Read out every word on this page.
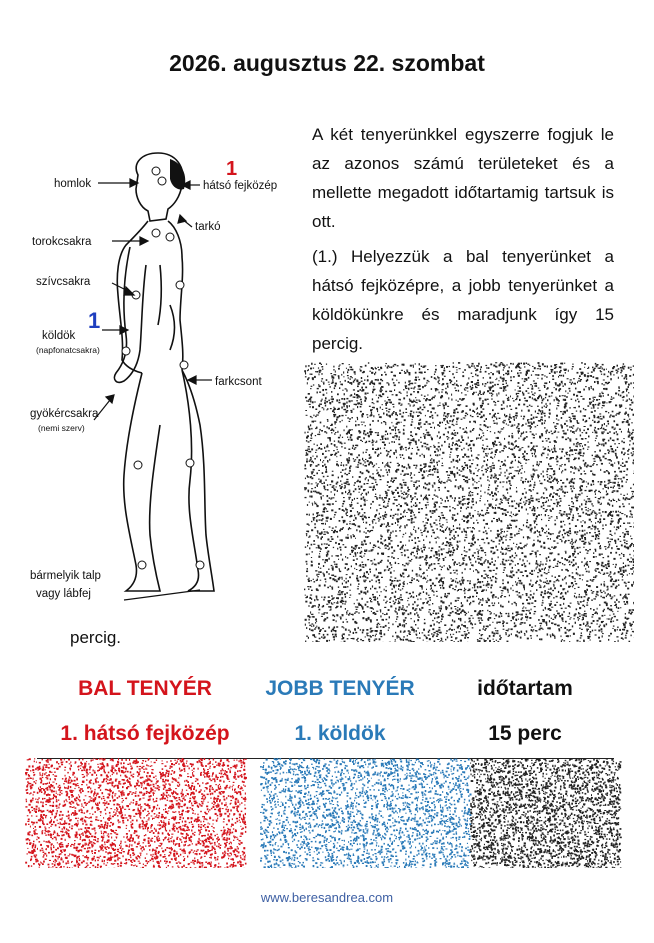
2026. augusztus 22. szombat
homlok
1
hátsó fejközép
tarkó
torokcsakra
szívcsakra
1
köldök
(napfonatcsakra)
farkcsont
gyökércsakra
(nemi szerv)
bármelyik talp
vagy lábfej

A két tenyerünkkel egyszerre fogjuk le az azonos számú területeket és a mellette megadott időtartamig tartsuk is ott.

(1.) Helyezzük a bal tenyerünket a hátsó fejközépre, a jobb tenyerünket a köldökünkre és maradjunk így 15 percig.

percig.
BAL TENYÉR	JOBB TENYÉR	időtartam
1. hátsó fejközép	1. köldök	15 perc
www.beresandrea.com
